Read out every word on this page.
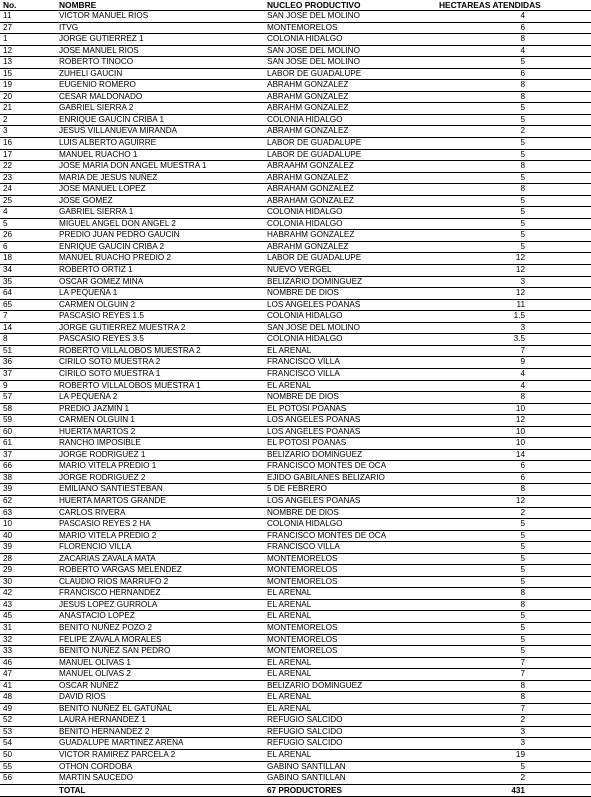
No.	NOMBRE	NUCLEO PRODUCTIVO	HECTAREAS ATENDIDAS
11	VICTOR MANUEL RIOS	SAN JOSE DEL MOLINO	4
27	ITVG	MONTEMORELOS	6
1	JORGE GUTIERREZ 1	COLONIA HIDALGO	8
12	JOSE MANUEL RIOS	SAN JOSE DEL MOLINO	4
13	ROBERTO TINOCO	SAN JOSE DEL MOLINO	5
15	ZUHELI GAUCIN	LABOR DE GUADALUPE	6
19	EUGENIO ROMERO	ABRAHM GONZALEZ	8
20	CESAR MALDONADO	ABRAHM GONZALEZ	8
21	GABRIEL SIERRA 2	ABRAHM GONZALEZ	5
2	ENRIQUE GAUCIN CRIBA 1	COLONIA HIDALGO	5
3	JESUS VILLANUEVA MIRANDA	ABRAHM GONZALEZ	2
16	LUIS ALBERTO AGUIRRE	LABOR DE GUADALUPE	5
17	MANUEL RUACHO 1	LABOR DE GUADALUPE	5
22	JOSE MARIA DON ANGEL MUESTRA 1	ABRAAHM GONZALEZ	8
23	MARIA DE JESUS NUÑEZ	ABRAHM GONZALEZ	5
24	JOSE MANUEL LOPEZ	ABRAHAM GONZALEZ	8
25	JOSE GOMEZ	ABRAHAM GONZALEZ	5
4	GABRIEL SIERRA 1	COLONIA HIDALGO	5
5	MIGUEL ANGEL DON ANGEL 2	COLONIA HIDALGO	5
26	PREDIO JUAN PEDRO GAUCIN	HABRAHM GONZALEZ	5
6	ENRIQUE GAUCIN CRIBA 2	ABRAHM GONZALEZ	5
18	MANUEL RUACHO PREDIO 2	LABOR DE GUADALUPE	12
34	ROBERTO ORTIZ 1	NUEVO VERGEL	12
35	OSCAR GOMEZ MINA	BELIZARIO DOMINGUEZ	3
64	LA PEQUEÑA 1	NOMBRE DE DIOS	12
65	CARMEN OLGUIN 2	LOS ANGELES POANAS	11
7	PASCASIO REYES 1.5	COLONIA HIDALGO	1.5
14	JORGE GUTIERREZ MUESTRA 2	SAN JOSE DEL MOLINO	3
8	PASCASIO REYES 3.5	COLONIA HIDALGO	3.5
51	ROBERTO VILLALOBOS MUESTRA 2	EL ARENAL	7
36	CIRILO SOTO MUESTRA 2	FRANCISCO VILLA	9
37	CIRILO SOTO MUESTRA 1	FRANCISCO VILLA	4
9	ROBERTO VILLALOBOS MUESTRA 1	EL ARENAL	4
57	LA PEQUEÑA 2	NOMBRE DE DIOS	8
58	PREDIO JAZMIN 1	EL POTOSI POANAS	10
59	CARMEN OLGUIN 1	LOS ANGELES POANAS	12
60	HUERTA MARTOS 2	LOS ANGELES POANAS	10
61	RANCHO IMPOSIBLE	EL POTOSI POANAS	10
37	JORGE RODRIGUEZ 1	BELIZARIO DOMINGUEZ	14
66	MARIO VITELA PREDIO 1	FRANCISCO MONTES DE OCA	6
38	JORGE RODRIGUEZ 2	EJIDO GABILANES BELIZARIO	6
39	EMILIANO SANTIESTEBAN	5 DE FEBRERO	8
62	HUERTA MARTOS GRANDE	LOS ANGELES POANAS	12
63	CARLOS RIVERA	NOMBRE DE DIOS	2
10	PASCASIO REYES 2 HA	COLONIA HIDALGO	5
40	MARIO VITELA PREDIO 2	FRANCISCO MONTES DE OCA	5
39	FLORENCIO VILLA	FRANCISCO VILLA	5
28	ZACARIAS ZAVALA MATA	MONTEMORELOS	5
29	ROBERTO VARGAS MELENDEZ	MONTEMORELOS	5
30	CLAUDIO RIOS MARRUFO 2	MONTEMORELOS	5
42	FRANCISCO HERNANDEZ	EL ARENAL	8
43	JESUS LOPEZ GURROLA	EL ARENAL	8
45	ANASTACIO LOPEZ	EL ARENAL	5
31	BENITO NUÑEZ POZO 2	MONTEMORELOS	5
32	FELIPE ZAVALA MORALES	MONTEMORELOS	5
33	BENITO NUÑEZ SAN PEDRO	MONTEMORELOS	5
46	MANUEL OLIVAS 1	EL ARENAL	7
47	MANUEL OLIVAS 2	EL ARENAL	7
41	OSCAR NUÑEZ	BELIZARIO DOMINGUEZ	8
48	DAVID RIOS	EL ARENAL	8
49	BENITO NUÑEZ EL GATUÑAL	EL ARENAL	7
52	LAURA HERNANDEZ 1	REFUGIO SALCIDO	2
53	BENITO HERNANDEZ 2	REFUGIO SALCIDO	3
54	GUADALUPE MARTINEZ ARENA	REFUGIO SALCIDO	3
50	VICTOR RAMIREZ PARCELA 2	EL ARENAL	19
55	OTHON CORDOBA	GABINO SANTILLAN	5
56	MARTIN SAUCEDO	GABINO SANTILLAN	2
	TOTAL	67 PRODUCTORES	431
